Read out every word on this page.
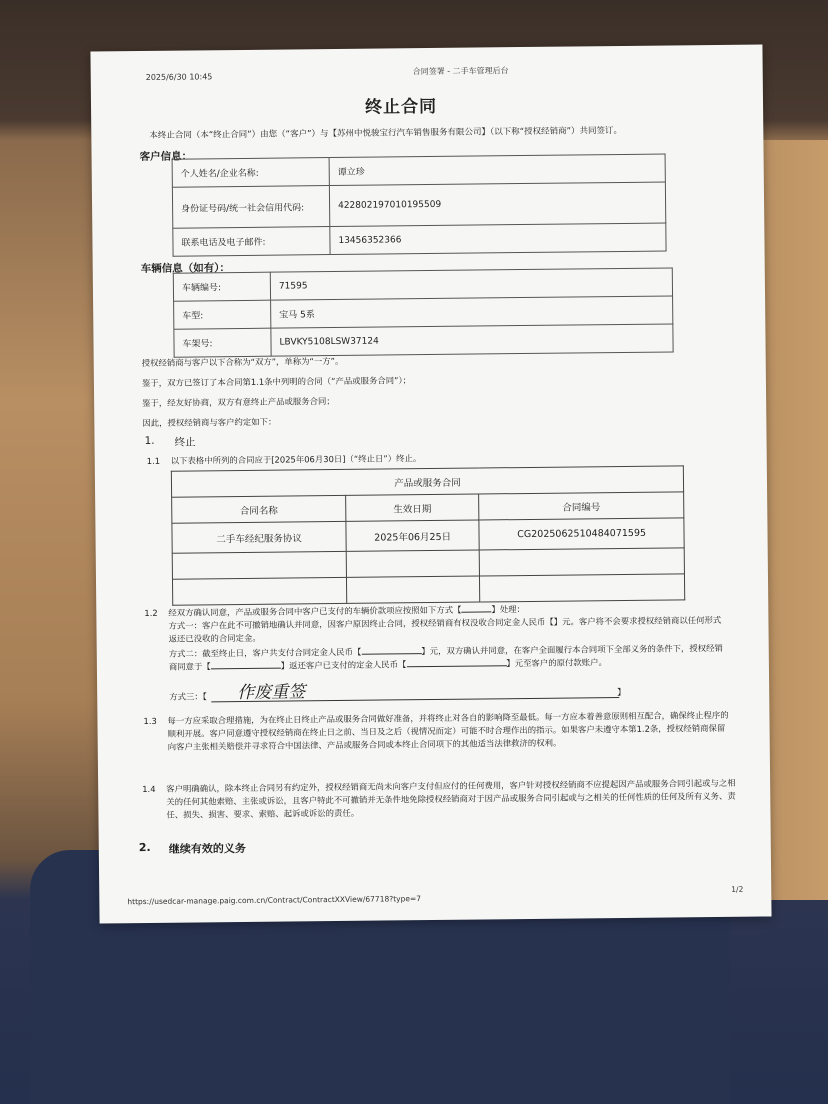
2025/6/30 10:45
合同签署 - 二手车管理后台
终止合同
本终止合同（本“终止合同”）由您（“客户”）与【苏州中悦骏宝行汽车销售服务有限公司】（以下称“授权经销商”）共同签订。
客户信息：
个人姓名/企业名称:	谭立珍
身份证号码/统一社会信用代码:	422802197010195509
联系电话及电子邮件:	13456352366
车辆信息（如有）：
车辆编号:	71595
车型:	宝马 5系
车架号:	LBVKY5108LSW37124
授权经销商与客户以下合称为“双方”，单称为“一方”。
鉴于，双方已签订了本合同第1.1条中列明的合同（“产品或服务合同”）；
鉴于，经友好协商，双方有意终止产品或服务合同；
因此，授权经销商与客户约定如下：
1. 终止
1.1 以下表格中所列的合同应于[2025年06月30日]（“终止日”）终止。
产品或服务合同		
合同名称	生效日期	合同编号
二手车经纪服务协议	2025年06月25日	CG2025062510484071595

1.2 经双方确认同意，产品或服务合同中客户已支付的车辆价款项应按照如下方式【	】处理：
方式一：客户在此不可撤销地确认并同意，因客户原因终止合同，授权经销商有权没收合同定金人民币【】元。客户将不会要求授权经销商以任何形式返还已没收的合同定金。
方式二：截至终止日，客户共支付合同定金人民币【	】元，双方确认并同意，在客户全面履行本合同项下全部义务的条件下，授权经销商同意于【	】返还客户已支付的定金人民币【	】元至客户的原付款账户。
方式三：【 作废重签	】
1.3 每一方应采取合理措施，为在终止日终止产品或服务合同做好准备，并将终止对各自的影响降至最低。每一方应本着善意原则相互配合，确保终止程序的顺利开展。客户同意遵守授权经销商在终止日之前、当日及之后（视情况而定）可能不时合理作出的指示。如果客户未遵守本第1.2条，授权经销商保留向客户主张相关赔偿并寻求符合中国法律、产品或服务合同或本终止合同项下的其他适当法律救济的权利。
1.4 客户明确确认，除本终止合同另有约定外，授权经销商无尚未向客户支付但应付的任何费用，客户针对授权经销商不应提起因产品或服务合同引起或与之相关的任何其他索赔、主张或诉讼，且客户特此不可撤销并无条件地免除授权经销商对于因产品或服务合同引起或与之相关的任何性质的任何及所有义务、责任、损失、损害、要求、索赔、起诉或诉讼的责任。
2. 继续有效的义务
https://usedcar-manage.paig.com.cn/Contract/ContractXXView/67718?type=7
1/2
